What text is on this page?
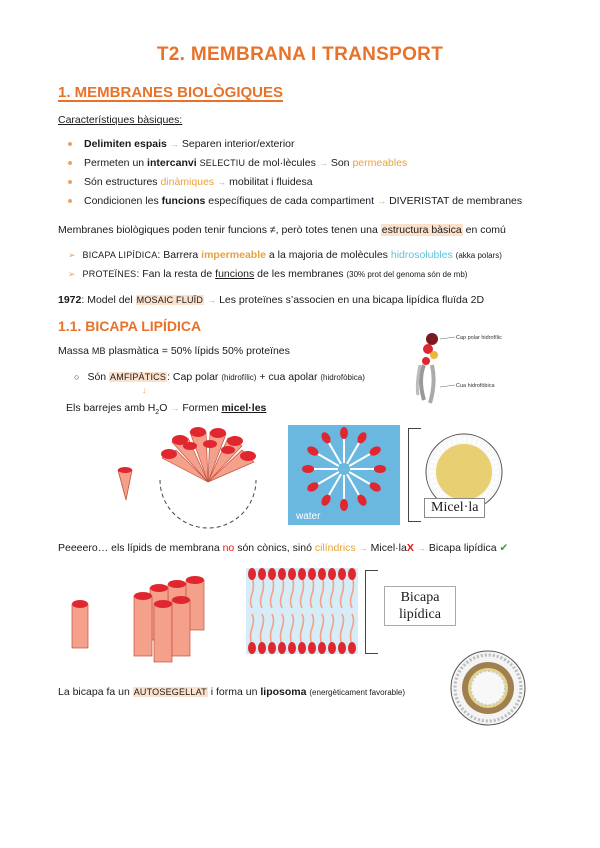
T2. MEMBRANA I TRANSPORT
1. MEMBRANES BIOLÒGIQUES
Característiques bàsiques:
Delimiten espais → Separen interior/exterior
Permeten un intercanvi SELECTIU de mol·lècules → Son permeables
Són estructures dinàmiques → mobilitat i fluidesa
Condicionen les funcions específiques de cada compartiment → DIVERISTAT de membranes
Membranes biològiques poden tenir funcions ≠, però totes tenen una estructura bàsica en comú
➢ BICAPA LIPÍDICA: Barrera impermeable a la majoria de molècules hidrosolubles (akka polars)
➢ PROTEÏNES: Fan la resta de funcions de les membranes (30% prot del genoma són de mb)
1972: Model del MOSAIC FLUÏD → Les proteïnes s’associen en una bicapa lipídica fluïda 2D
1.1. BICAPA LIPÍDICA
Massa MB plasmàtica = 50% lípids 50% proteïnes
○ Són AMFIPÀTICS: Cap polar (hidrofílic) + cua apolar (hidrofòbica)
↓
Els barrejes amb $H_2O$ → Formen micel·les
Cap polar hidrofílic
Cua hidrofòbica
water
Micel·la
Peeeero… els lípids de membrana no són cònics, sinó cilíndrics → Micel·laX → Bicapa lipídica ✔
Bicapa
lipídica
La bicapa fa un AUTOSEGELLAT i forma un liposoma (energèticament favorable)
